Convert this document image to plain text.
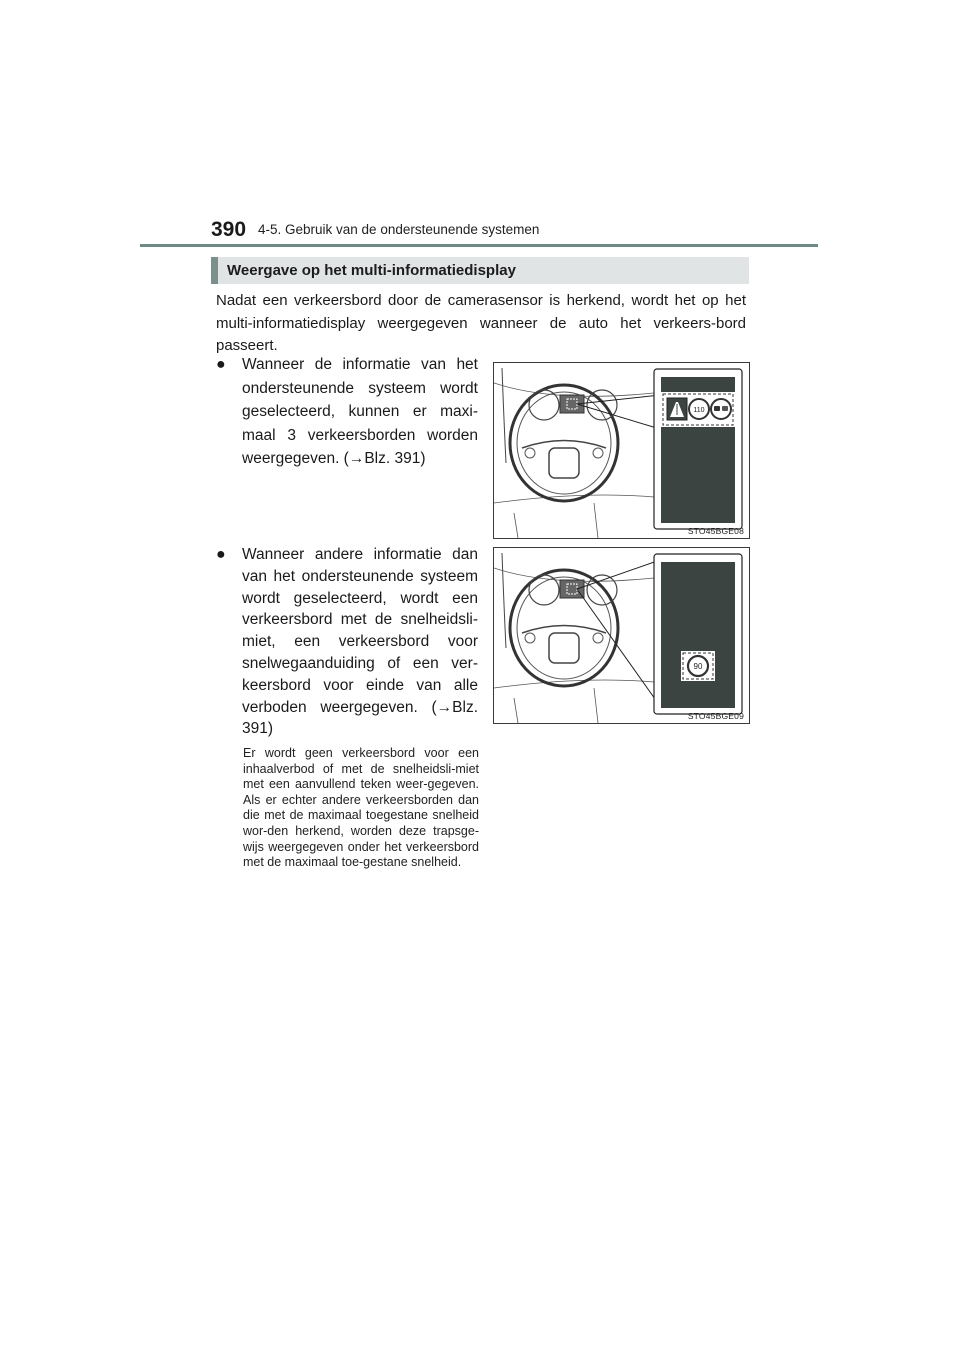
390 4-5. Gebruik van de ondersteunende systemen
Weergave op het multi-informatiedisplay
Nadat een verkeersbord door de camerasensor is herkend, wordt het op het multi-informatiedisplay weergegeven wanneer de auto het verkeers-bord passeert.
● Wanneer de informatie van het ondersteunende systeem wordt geselecteerd, kunnen er maxi-maal 3 verkeersborden worden weergegeven. (→Blz. 391)
● Wanneer andere informatie dan van het ondersteunende systeem wordt geselecteerd, wordt een verkeersbord met de snelheidsli-miet, een verkeersbord voor snelwegaanduiding of een ver-keersbord voor einde van alle verboden weergegeven. (→Blz. 391)
Er wordt geen verkeersbord voor een inhaalverbod of met de snelheidsli-miet met een aanvullend teken weer-gegeven. Als er echter andere verkeersborden dan die met de maximaal toegestane snelheid wor-den herkend, worden deze trapsge-wijs weergegeven onder het verkeersbord met de maximaal toe-gestane snelheid.
110
STO45BGE08
90
STO45BGE09
